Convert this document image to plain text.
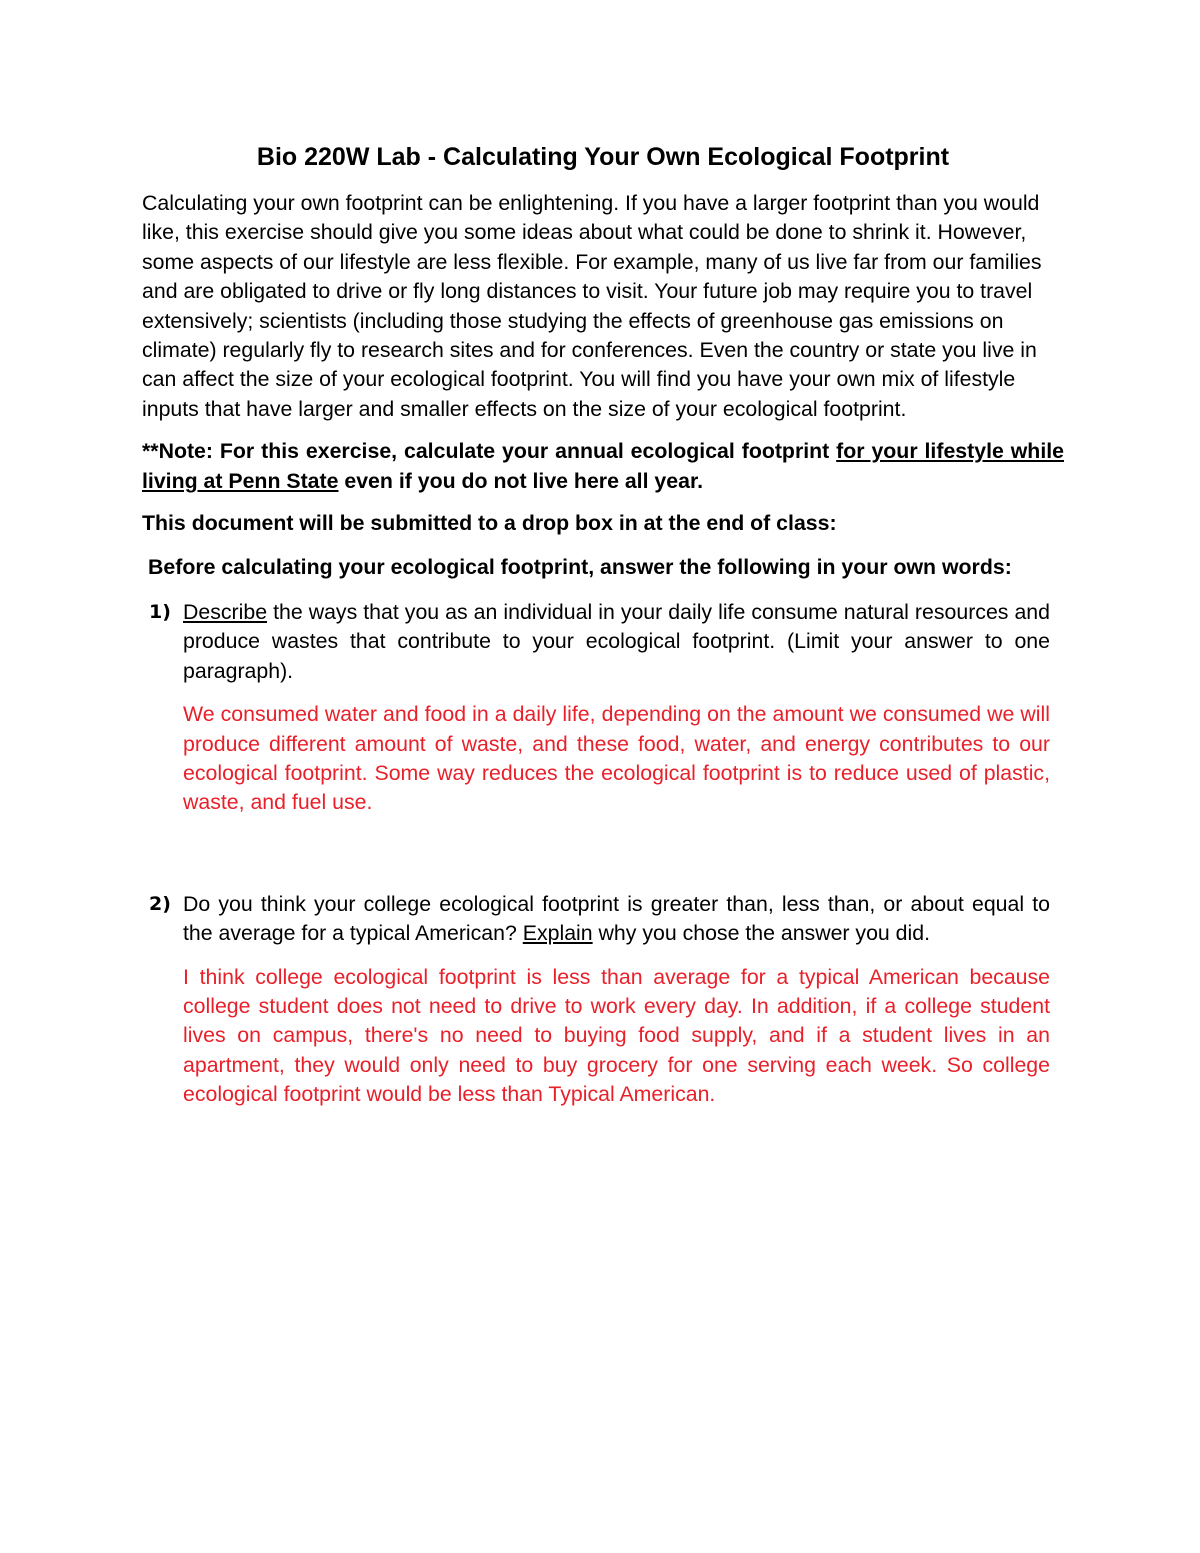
Bio 220W Lab - Calculating Your Own Ecological Footprint

Calculating your own footprint can be enlightening. If you have a larger footprint than you would like, this exercise should give you some ideas about what could be done to shrink it. However, some aspects of our lifestyle are less flexible. For example, many of us live far from our families and are obligated to drive or fly long distances to visit. Your future job may require you to travel extensively; scientists (including those studying the effects of greenhouse gas emissions on climate) regularly fly to research sites and for conferences. Even the country or state you live in can affect the size of your ecological footprint. You will find you have your own mix of lifestyle inputs that have larger and smaller effects on the size of your ecological footprint.

**Note: For this exercise, calculate your annual ecological footprint for your lifestyle while living at Penn State even if you do not live here all year.

This document will be submitted to a drop box in at the end of class:

Before calculating your ecological footprint, answer the following in your own words:

1) Describe the ways that you as an individual in your daily life consume natural resources and produce wastes that contribute to your ecological footprint. (Limit your answer to one paragraph).

We consumed water and food in a daily life, depending on the amount we consumed we will produce different amount of waste, and these food, water, and energy contributes to our ecological footprint. Some way reduces the ecological footprint is to reduce used of plastic, waste, and fuel use.

2) Do you think your college ecological footprint is greater than, less than, or about equal to the average for a typical American? Explain why you chose the answer you did.

I think college ecological footprint is less than average for a typical American because college student does not need to drive to work every day. In addition, if a college student lives on campus, there's no need to buying food supply, and if a student lives in an apartment, they would only need to buy grocery for one serving each week. So college ecological footprint would be less than Typical American.
